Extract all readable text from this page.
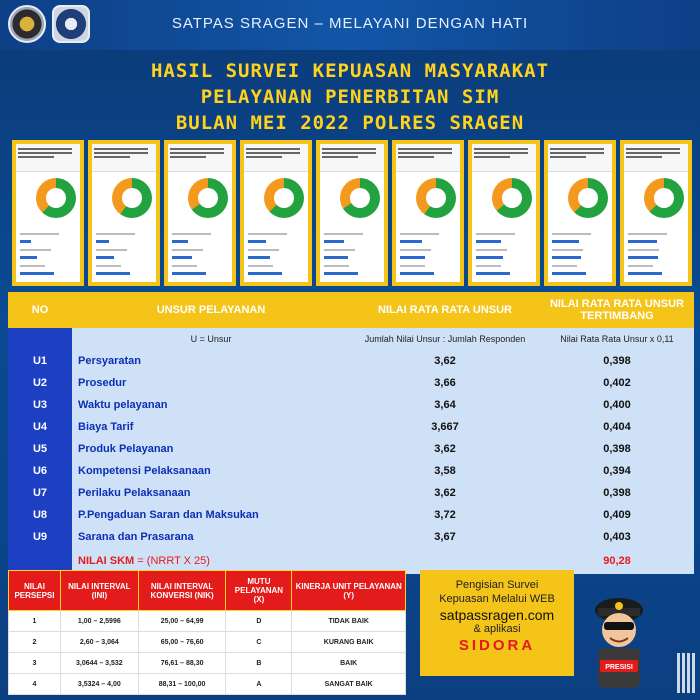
SATPAS SRAGEN – MELAYANI DENGAN HATI
HASIL SURVEI KEPUASAN MASYARAKAT
PELAYANAN PENERBITAN SIM
BULAN MEI 2022 POLRES SRAGEN
NO	UNSUR PELAYANAN	NILAI RATA RATA UNSUR	NILAI RATA RATA UNSUR TERTIMBANG
	U = Unsur	Jumlah Nilai Unsur : Jumlah Responden	Nilai Rata Rata Unsur x 0,11
U1	Persyaratan	3,62	0,398
U2	Prosedur	3,66	0,402
U3	Waktu pelayanan	3,64	0,400
U4	Biaya Tarif	3,667	0,404
U5	Produk Pelayanan	3,62	0,398
U6	Kompetensi Pelaksanaan	3,58	0,394
U7	Perilaku Pelaksanaan	3,62	0,398
U8	P.Pengaduan Saran dan Maksukan	3,72	0,409
U9	Sarana dan Prasarana	3,67	0,403
	NILAI SKM = (NRRT X 25)		90,28
NILAI PERSEPSI	NILAI INTERVAL (INI)	NILAI INTERVAL KONVERSI (NIK)	MUTU PELAYANAN (X)	KINERJA UNIT PELAYANAN (Y)
1	1,00 – 2,5996	25,00 – 64,99	D	TIDAK BAIK
2	2,60 – 3,064	65,00 – 76,60	C	KURANG BAIK
3	3,0644 – 3,532	76,61 – 88,30	B	BAIK
4	3,5324 – 4,00	88,31 – 100,00	A	SANGAT BAIK
Pengisian Survei
Kepuasan Melalui WEB
satpassragen.com
& aplikasi
SIDORA
PRESISI
